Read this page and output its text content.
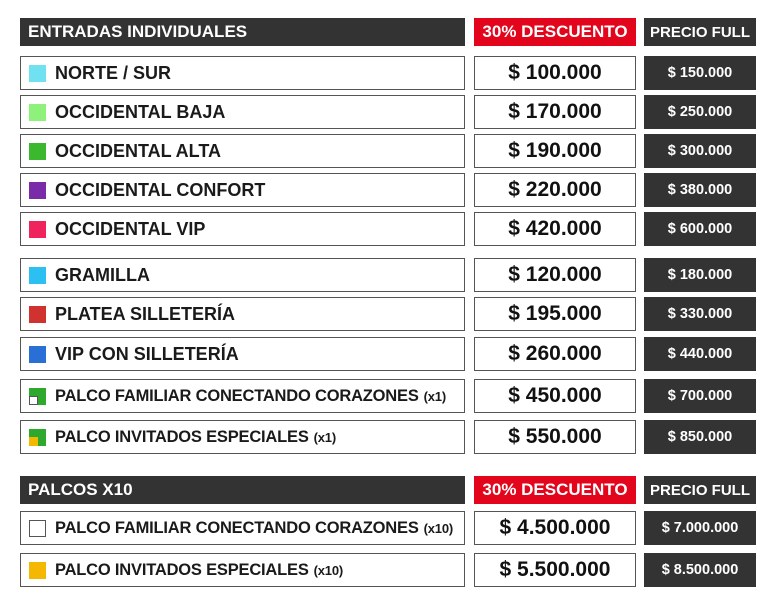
ENTRADAS INDIVIDUALES	30% DESCUENTO	PRECIO FULL
NORTE / SUR	$ 100.000	$ 150.000
OCCIDENTAL BAJA	$ 170.000	$ 250.000
OCCIDENTAL ALTA	$ 190.000	$ 300.000
OCCIDENTAL CONFORT	$ 220.000	$ 380.000
OCCIDENTAL VIP	$ 420.000	$ 600.000
GRAMILLA	$ 120.000	$ 180.000
PLATEA SILLETERÍA	$ 195.000	$ 330.000
VIP CON SILLETERÍA	$ 260.000	$ 440.000
PALCO FAMILIAR CONECTANDO CORAZONES (x1)	$ 450.000	$ 700.000
PALCO INVITADOS ESPECIALES (x1)	$ 550.000	$ 850.000
PALCOS X10	30% DESCUENTO	PRECIO FULL
PALCO FAMILIAR CONECTANDO CORAZONES (x10)	$ 4.500.000	$ 7.000.000
PALCO INVITADOS ESPECIALES (x10)	$ 5.500.000	$ 8.500.000
